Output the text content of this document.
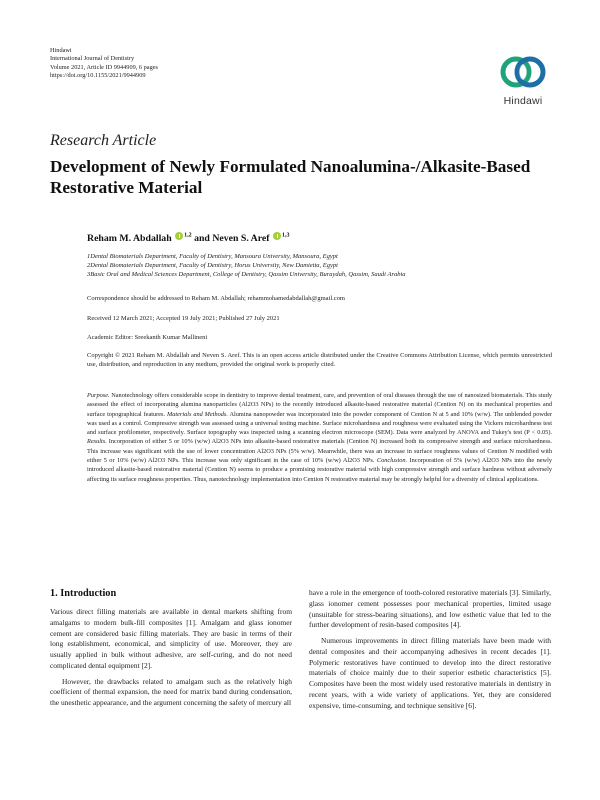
Hindawi
International Journal of Dentistry
Volume 2021, Article ID 9944909, 6 pages
https://doi.org/10.1155/2021/9944909
Hindawi
Research Article
Development of Newly Formulated Nanoalumina-/Alkasite-Based Restorative Material
Reham M. Abdallah $^{1,2}$ and Neven S. Aref $^{1,3}$
1Dental Biomaterials Department, Faculty of Dentistry, Mansoura University, Mansoura, Egypt
2Dental Biomaterials Department, Faculty of Dentistry, Horus University, New Damietta, Egypt
3Basic Oral and Medical Sciences Department, College of Dentistry, Qassim University, Buraydah, Qassim, Saudi Arabia
Correspondence should be addressed to Reham M. Abdallah; rehammohamedabdallah@gmail.com
Received 12 March 2021; Accepted 19 July 2021; Published 27 July 2021
Academic Editor: Sreekanth Kumar Mallineni
Copyright © 2021 Reham M. Abdallah and Neven S. Aref. This is an open access article distributed under the Creative Commons Attribution License, which permits unrestricted use, distribution, and reproduction in any medium, provided the original work is properly cited.
Purpose. Nanotechnology offers considerable scope in dentistry to improve dental treatment, care, and prevention of oral diseases through the use of nanosized biomaterials. This study assessed the effect of incorporating alumina nanoparticles (Al2O3 NPs) to the recently introduced alkasite-based restorative material (Cention N) on its mechanical properties and surface topographical features. Materials and Methods. Alumina nanopowder was incorporated into the powder component of Cention N at 5 and 10% (w/w). The unblended powder was used as a control. Compressive strength was assessed using a universal testing machine. Surface microhardness and roughness were evaluated using the Vickers microhardness test and surface profilometer, respectively. Surface topography was inspected using a scanning electron microscope (SEM). Data were analyzed by ANOVA and Tukey's test (P < 0.05). Results. Incorporation of either 5 or 10% (w/w) Al2O3 NPs into alkasite-based restorative materials (Cention N) increased both its compressive strength and surface microhardness. This increase was significant with the use of lower concentration Al2O3 NPs (5% w/w). Meanwhile, there was an increase in surface roughness values of Cention N modified with either 5 or 10% (w/w) Al2O3 NPs. This increase was only significant in the case of 10% (w/w) Al2O3 NPs. Conclusion. Incorporation of 5% (w/w) Al2O3 NPs into the newly introduced alkasite-based restorative material (Cention N) seems to produce a promising restorative material with high compressive strength and surface hardness without adversely affecting its surface roughness properties. Thus, nanotechnology implementation into Cention N restorative material may be strongly helpful for a diversity of clinical applications.
1. Introduction

Various direct filling materials are available in dental markets shifting from amalgams to modern bulk-fill composites [1]. Amalgam and glass ionomer cement are considered basic filling materials. They are basic in terms of their long establishment, economical, and simplicity of use. Moreover, they are usually applied in bulk without adhesive, are self-curing, and do not need complicated dental equipment [2].

However, the drawbacks related to amalgam such as the relatively high coefficient of thermal expansion, the need for matrix band during condensation, the unesthetic appearance, and the argument concerning the safety of mercury all

have a role in the emergence of tooth-colored restorative materials [3]. Similarly, glass ionomer cement possesses poor mechanical properties, limited usage (unsuitable for stress-bearing situations), and low esthetic value that led to the further development of resin-based composites [4].

Numerous improvements in direct filling materials have been made with dental composites and their accompanying adhesives in recent decades [1]. Polymeric restoratives have continued to develop into the direct restorative materials of choice mainly due to their superior esthetic characteristics [5]. Composites have been the most widely used restorative materials in dentistry in recent years, with a wide variety of applications. Yet, they are considered expensive, time-consuming, and technique sensitive [6].
